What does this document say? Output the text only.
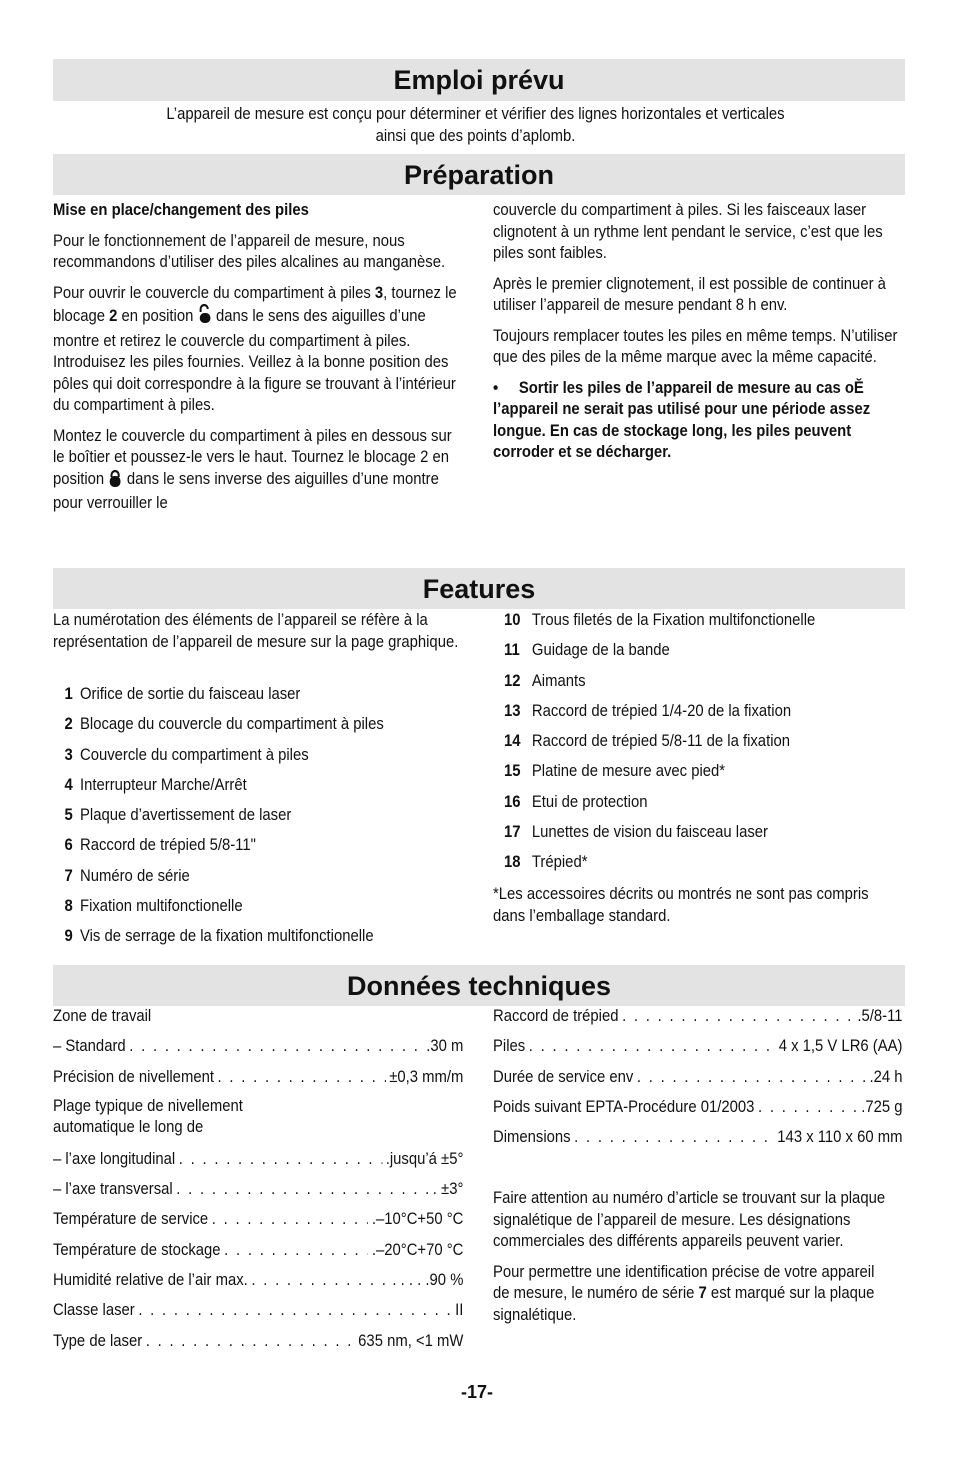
Emploi prévu
L’appareil de mesure est conçu pour déterminer et vérifier des lignes horizontales et verticales
ainsi que des points d’aplomb.
Préparation

Mise en place/changement des piles

Pour le fonctionnement de l’appareil de mesure, nous recommandons d’utiliser des piles alcalines au manganèse.

Pour ouvrir le couvercle du compartiment à piles 3, tournez le blocage 2 en position  dans le sens des aiguilles d’une montre et retirez le couvercle du compartiment à piles. Introduisez les piles fournies. Veillez à la bonne position des pôles qui doit correspondre à la figure se trouvant à l’intérieur du compartiment à piles.

Montez le couvercle du compartiment à piles en dessous sur le boîtier et poussez-le vers le haut. Tournez le blocage 2 en position  dans le sens inverse des aiguilles d’une montre pour verrouiller le

couvercle du compartiment à piles. Si les faisceaux laser clignotent à un rythme lent pendant le service, c’est que les piles sont faibles.

Après le premier clignotement, il est possible de continuer à utiliser l’appareil de mesure pendant 8 h env.

Toujours remplacer toutes les piles en même temps. N’utiliser que des piles de la même marque avec la même capacité.

• Sortir les piles de l’appareil de mesure au cas oĔ l’appareil ne serait pas utilisé pour une période assez longue. En cas de stockage long, les piles peuvent corroder et se décharger.

Features
La numérotation des éléments de l’appareil se réfère à la représentation de l’appareil de mesure sur la page graphique.
1 Orifice de sortie du faisceau laser
2 Blocage du couvercle du compartiment à piles
3 Couvercle du compartiment à piles
4 Interrupteur Marche/Arrêt
5 Plaque d’avertissement de laser
6 Raccord de trépied 5/8-11"
7 Numéro de série
8 Fixation multifonctionelle
9 Vis de serrage de la fixation multifonctionelle
10 Trous filetés de la Fixation multifonctionelle
11 Guidage de la bande
12 Aimants
13 Raccord de trépied 1/4-20 de la fixation
14 Raccord de trépied 5/8-11 de la fixation
15 Platine de mesure avec pied*
16 Etui de protection
17 Lunettes de vision du faisceau laser
18 Trépied*
*Les accessoires décrits ou montrés ne sont pas compris dans l’emballage standard.
Données techniques
Zone de travail
– Standard . . .	.30 m
Précision de nivellement . . .	±0,3 mm/m
Plage typique de nivellement
automatique le long de
– l’axe longitudinal . . .	.jusqu’á ±5°
– l’axe transversal . . .	. ±3°
Température de service . . .	.–10°C+50 °C
Température de stockage . . .	.–20°C+70 °C
Humidité relative de l’air max. . . .	. . . . .90 %
Classe laser . . .	II
Type de laser . . .	635 nm, <1 mW
Raccord de trépied . . .	.5/8-11
Piles . . .	4 x 1,5 V LR6 (AA)
Durée de service env . . .	.24 h
Poids suivant EPTA-Procédure 01/2003 . . .	.725 g
Dimensions . . .	143 x 110 x 60 mm

Faire attention au numéro d’article se trouvant sur la plaque signalétique de l’appareil de mesure. Les désignations commerciales des différents appareils peuvent varier.

Pour permettre une identification précise de votre appareil de mesure, le numéro de série 7 est marqué sur la plaque signalétique.

-17-
